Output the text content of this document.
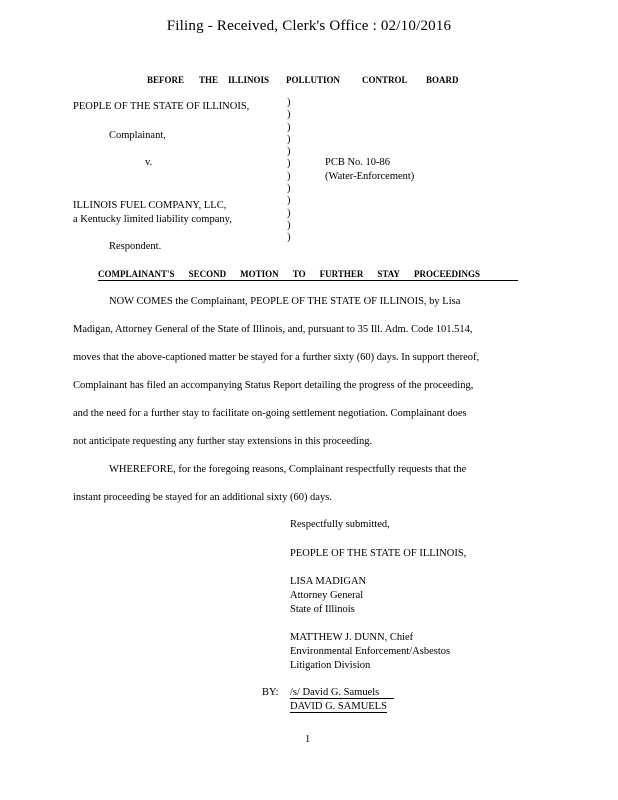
Filing - Received, Clerk's Office : 02/10/2016
BEFORE THE ILLINOIS POLLUTION CONTROL BOARD
PEOPLE OF THE STATE OF ILLINOIS,
Complainant,
v.
ILLINOIS FUEL COMPANY, LLC,
a Kentucky limited liability company,
Respondent.
)
)
)
)
)
)
)
)
)
)
)
)
PCB No. 10-86
(Water-Enforcement)
COMPLAINANT'S SECOND MOTION TO FURTHER STAY PROCEEDINGS
NOW COMES the Complainant, PEOPLE OF THE STATE OF ILLINOIS, by Lisa
Madigan, Attorney General of the State of Illinois, and, pursuant to 35 Ill. Adm. Code 101.514,
moves that the above-captioned matter be stayed for a further sixty (60) days. In support thereof,
Complainant has filed an accompanying Status Report detailing the progress of the proceeding,
and the need for a further stay to facilitate on-going settlement negotiation. Complainant does
not anticipate requesting any further stay extensions in this proceeding.
WHEREFORE, for the foregoing reasons, Complainant respectfully requests that the
instant proceeding be stayed for an additional sixty (60) days.
Respectfully submitted,
PEOPLE OF THE STATE OF ILLINOIS,
LISA MADIGAN
Attorney General
State of Illinois
MATTHEW J. DUNN, Chief
Environmental Enforcement/Asbestos
Litigation Division
BY: /s/ David G. Samuels
DAVID G. SAMUELS
1
